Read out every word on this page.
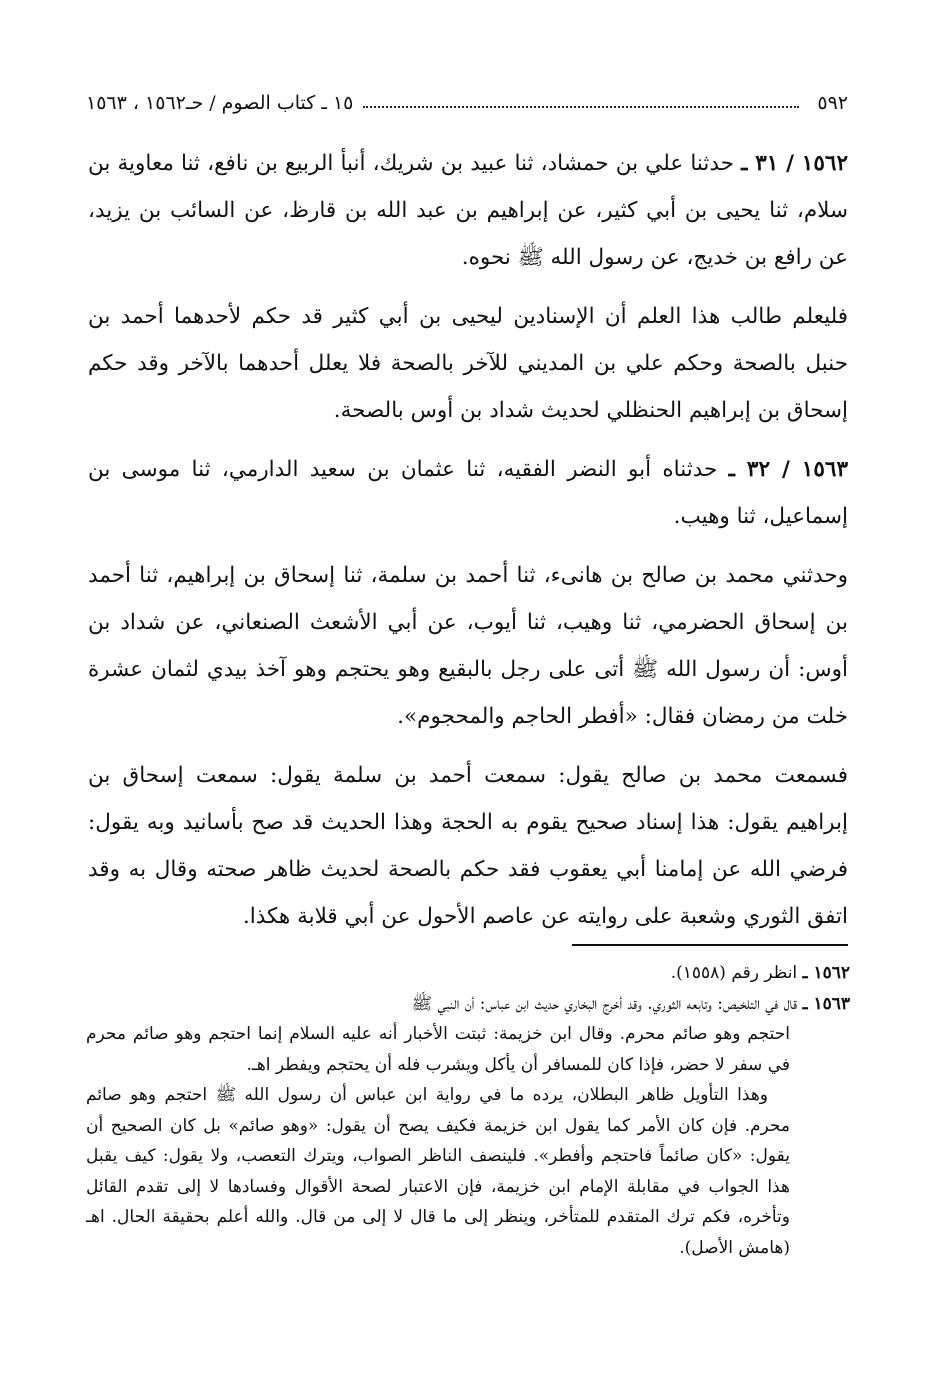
٥٩٢
١٥ ـ كتاب الصوم / حـ١٥٦٢ ، ١٥٦٣

١٥٦٢ / ٣١ ـ حدثنا علي بن حمشاد، ثنا عبيد بن شريك، أنبأ الربيع بن نافع، ثنا معاوية بن سلام، ثنا يحيى بن أبي كثير، عن إبراهيم بن عبد الله بن قارظ، عن السائب بن يزيد، عن رافع بن خديج، عن رسول الله ﷺ نحوه.

فليعلم طالب هذا العلم أن الإسنادين ليحيى بن أبي كثير قد حكم لأحدهما أحمد بن حنبل بالصحة وحكم علي بن المديني للآخر بالصحة فلا يعلل أحدهما بالآخر وقد حكم إسحاق بن إبراهيم الحنظلي لحديث شداد بن أوس بالصحة.

١٥٦٣ / ٣٢ ـ حدثناه أبو النضر الفقيه، ثنا عثمان بن سعيد الدارمي، ثنا موسى بن إسماعيل، ثنا وهيب.

وحدثني محمد بن صالح بن هانىء، ثنا أحمد بن سلمة، ثنا إسحاق بن إبراهيم، ثنا أحمد بن إسحاق الحضرمي، ثنا وهيب، ثنا أيوب، عن أبي الأشعث الصنعاني، عن شداد بن أوس: أن رسول الله ﷺ أتى على رجل بالبقيع وهو يحتجم وهو آخذ بيدي لثمان عشرة خلت من رمضان فقال: «أفطر الحاجم والمحجوم».

فسمعت محمد بن صالح يقول: سمعت أحمد بن سلمة يقول: سمعت إسحاق بن إبراهيم يقول: هذا إسناد صحيح يقوم به الحجة وهذا الحديث قد صح بأسانيد وبه يقول: فرضي الله عن إمامنا أبي يعقوب فقد حكم بالصحة لحديث ظاهر صحته وقال به وقد اتفق الثوري وشعبة على روايته عن عاصم الأحول عن أبي قلابة هكذا.

١٥٦٢ ـ انظر رقم (١٥٥٨).

١٥٦٣ ـ قال في التلخيص: وتابعه الثوري. وقد أخرج البخاري حديث ابن عباس: أن النبي ﷺ

احتجم وهو صائم محرم. وقال ابن خزيمة: ثبتت الأخبار أنه عليه السلام إنما احتجم وهو صائم محرم في سفر لا حضر، فإذا كان للمسافر أن يأكل ويشرب فله أن يحتجم ويفطر اهـ.

وهذا التأويل ظاهر البطلان، يرده ما في رواية ابن عباس أن رسول الله ﷺ احتجم وهو صائم محرم. فإن كان الأمر كما يقول ابن خزيمة فكيف يصح أن يقول: «وهو صائم» بل كان الصحيح أن يقول: «كان صائماً فاحتجم وأفطر». فلينصف الناظر الصواب، ويترك التعصب، ولا يقول: كيف يقبل هذا الجواب في مقابلة الإمام ابن خزيمة، فإن الاعتبار لصحة الأقوال وفسادها لا إلى تقدم القائل وتأخره، فكم ترك المتقدم للمتأخر، وينظر إلى ما قال لا إلى من قال. والله أعلم بحقيقة الحال. اهـ (هامش الأصل).
